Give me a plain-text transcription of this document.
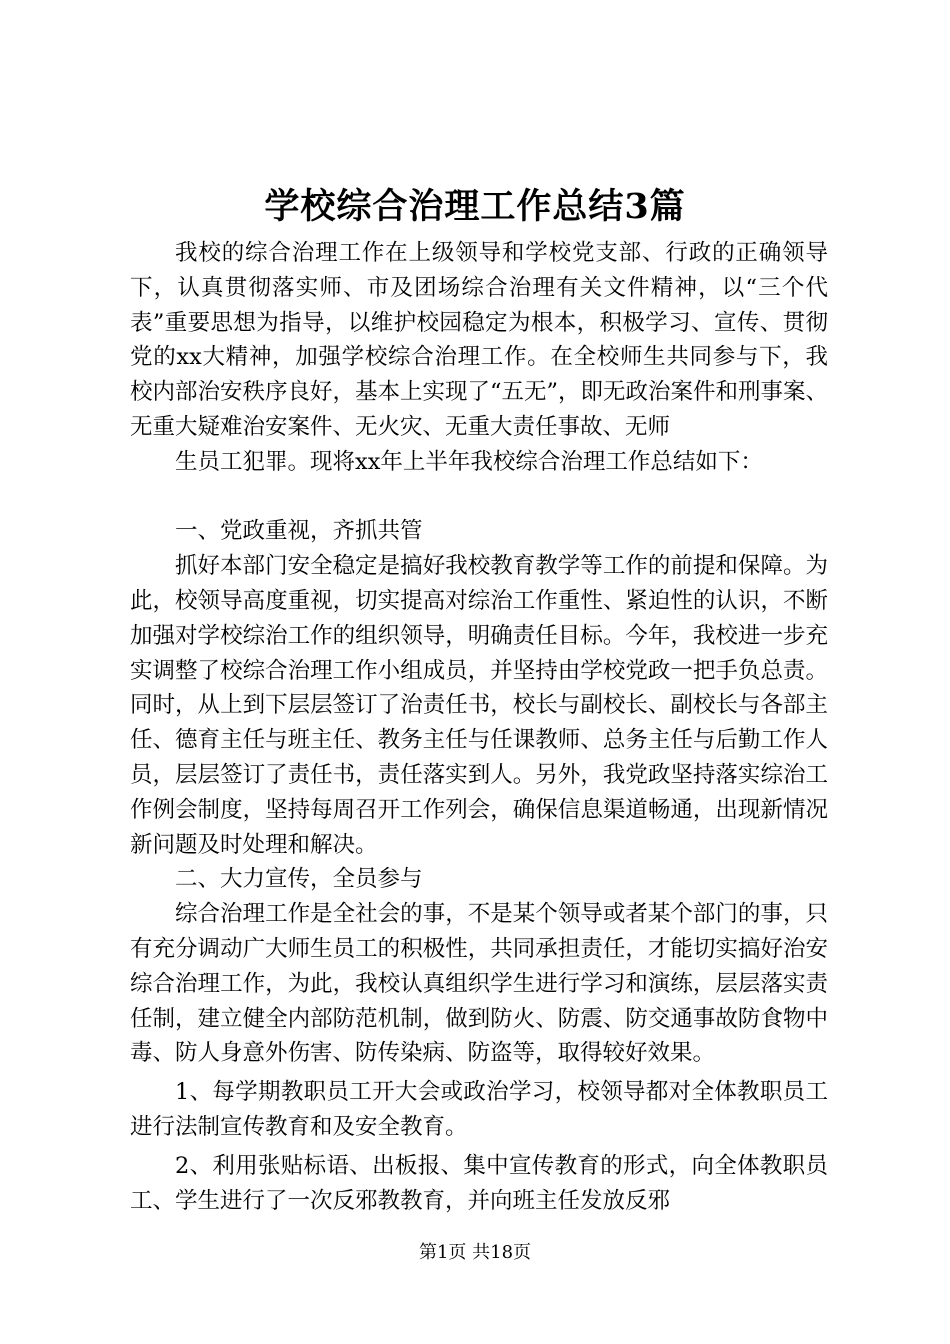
学校综合治理工作总结3篇

我校的综合治理工作在上级领导和学校党支部、行政的正确领导下，认真贯彻落实师、市及团场综合治理有关文件精神，以“三个代表”重要思想为指导，以维护校园稳定为根本，积极学习、宣传、贯彻党的xx大精神，加强学校综合治理工作。在全校师生共同参与下，我校内部治安秩序良好，基本上实现了“五无”，即无政治案件和刑事案、无重大疑难治安案件、无火灾、无重大责任事故、无师

生员工犯罪。现将xx年上半年我校综合治理工作总结如下：

一、党政重视，齐抓共管

抓好本部门安全稳定是搞好我校教育教学等工作的前提和保障。为此，校领导高度重视，切实提高对综治工作重性、紧迫性的认识，不断加强对学校综治工作的组织领导，明确责任目标。今年，我校进一步充实调整了校综合治理工作小组成员，并坚持由学校党政一把手负总责。同时，从上到下层层签订了治责任书，校长与副校长、副校长与各部主任、德育主任与班主任、教务主任与任课教师、总务主任与后勤工作人员，层层签订了责任书，责任落实到人。另外，我党政坚持落实综治工作例会制度，坚持每周召开工作列会，确保信息渠道畅通，出现新情况新问题及时处理和解决。

二、大力宣传，全员参与

综合治理工作是全社会的事，不是某个领导或者某个部门的事，只有充分调动广大师生员工的积极性，共同承担责任，才能切实搞好治安综合治理工作，为此，我校认真组织学生进行学习和演练，层层落实责任制，建立健全内部防范机制，做到防火、防震、防交通事故防食物中毒、防人身意外伤害、防传染病、防盗等，取得较好效果。

1、每学期教职员工开大会或政治学习，校领导都对全体教职员工进行法制宣传教育和及安全教育。

2、利用张贴标语、出板报、集中宣传教育的形式，向全体教职员工、学生进行了一次反邪教教育，并向班主任发放反邪

第1页 共18页
